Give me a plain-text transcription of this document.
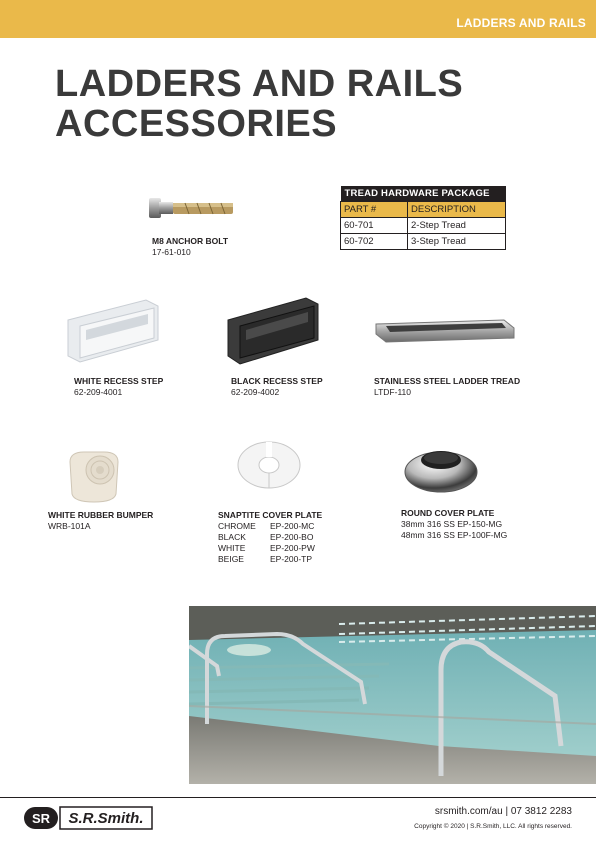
LADDERS AND RAILS
LADDERS AND RAILS
ACCESSORIES
M8 ANCHOR BOLT
17-61-010
TREAD HARDWARE PACKAGE	
PART #	DESCRIPTION
60-701	2-Step Tread
60-702	3-Step Tread
WHITE RECESS STEP
62-209-4001
BLACK RECESS STEP
62-209-4002
STAINLESS STEEL LADDER TREAD
LTDF-110
WHITE RUBBER BUMPER
WRB-101A
SNAPTITE COVER PLATE
CHROME	EP-200-MC
BLACK	EP-200-BO
WHITE	EP-200-PW
BEIGE	EP-200-TP
ROUND COVER PLATE
38mm 316 SS EP-150-MG
48mm 316 SS EP-100F-MG
SR S.R.Smith.	srsmith.com/au | 07 3812 2283
Copyright © 2020 | S.R.Smith, LLC. All rights reserved.
